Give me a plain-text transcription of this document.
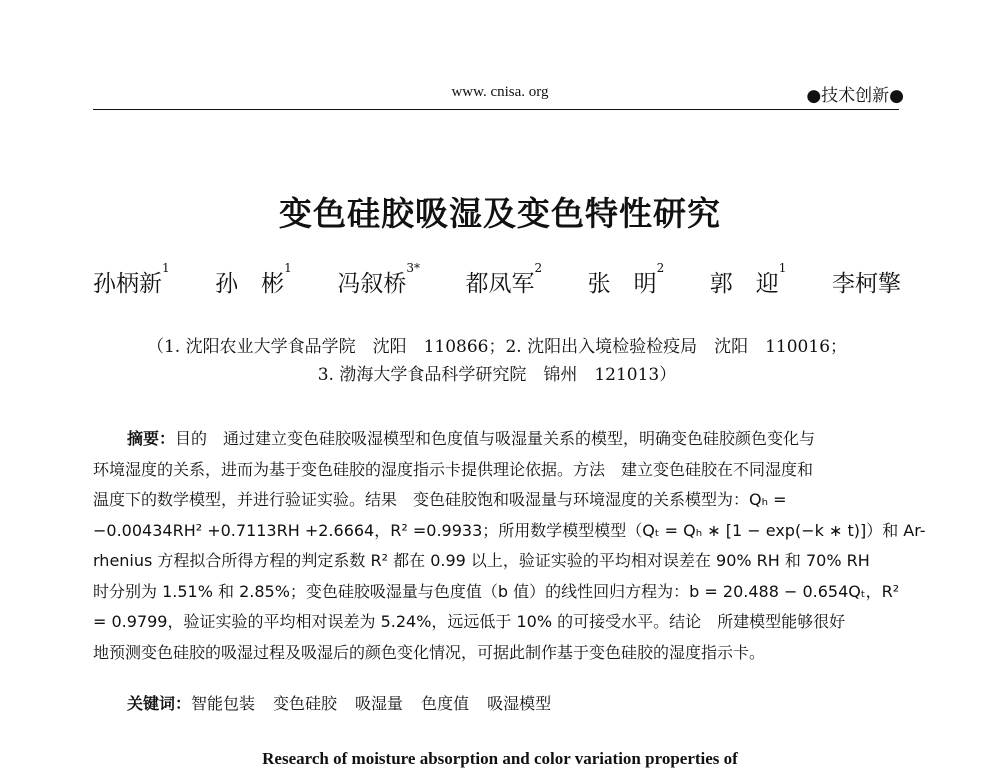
www. cnisa. org	●技术创新●
变色硅胶吸湿及变色特性研究
孙柄新$^1$
孙　彬$^1$
冯叙桥$^{3*}$
都凤军$^2$
张　明$^2$
郭　迎$^1$
李柯擎
（1. 沈阳农业大学食品学院　沈阳　110866；2. 沈阳出入境检验检疫局　沈阳　110016；
3. 渤海大学食品科学研究院　锦州　121013）
摘要：目的　通过建立变色硅胶吸湿模型和色度值与吸湿量关系的模型，明确变色硅胶颜色变化与
环境湿度的关系，进而为基于变色硅胶的湿度指示卡提供理论依据。方法　建立变色硅胶在不同湿度和
温度下的数学模型，并进行验证实验。结果　变色硅胶饱和吸湿量与环境湿度的关系模型为：Qₕ =
−0.00434RH² +0.7113RH +2.6664，R² =0.9933；所用数学模型模型（Qₜ = Qₕ ∗ [1 − exp(−k ∗ t)]）和 Ar-
rhenius 方程拟合所得方程的判定系数 R² 都在 0.99 以上，验证实验的平均相对误差在 90% RH 和 70% RH
时分别为 1.51% 和 2.85%；变色硅胶吸湿量与色度值（b 值）的线性回归方程为：b = 20.488 − 0.654Qₜ，R²
= 0.9799，验证实验的平均相对误差为 5.24%，远远低于 10% 的可接受水平。结论　所建模型能够很好
地预测变色硅胶的吸湿过程及吸湿后的颜色变化情况，可据此制作基于变色硅胶的湿度指示卡。
关键词：智能包装 变色硅胶 吸湿量 色度值 吸湿模型
Research of moisture absorption and color variation properties of
